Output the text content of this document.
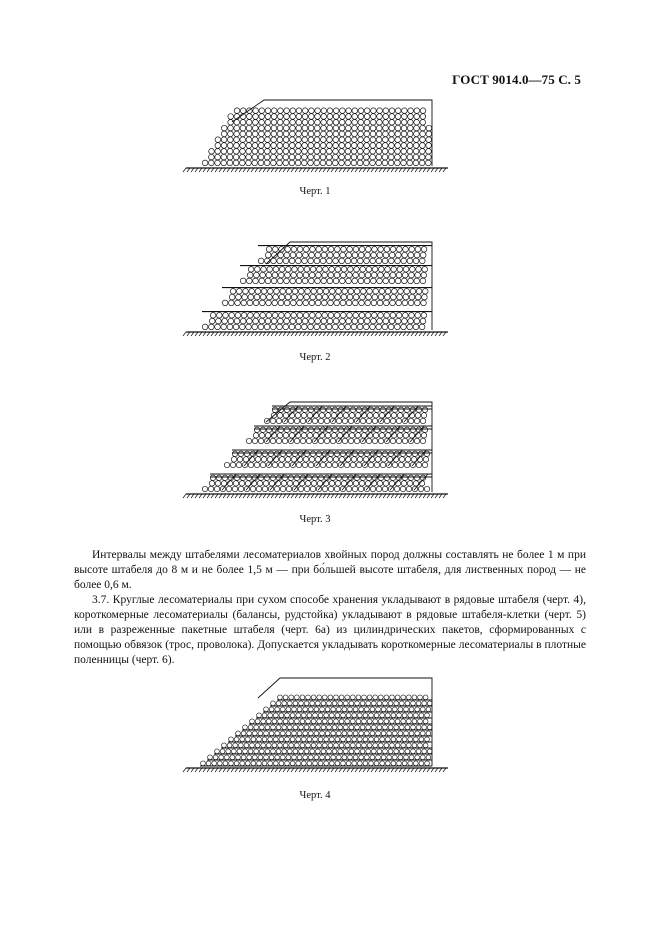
ГОСТ 9014.0—75 С. 5
Черт. 1
Черт. 2
Черт. 3

Интервалы между штабелями лесоматериалов хвойных пород должны составлять не более 1 м при высоте штабеля до 8 м и не более 1,5 м — при бо́льшей высоте штабеля, для лиственных пород — не более 0,6 м.

3.7. Круглые лесоматериалы при сухом способе хранения укладывают в рядовые штабеля (черт. 4), короткомерные лесоматериалы (балансы, рудстойка) укладывают в рядовые штабеля-клетки (черт. 5) или в разреженные пакетные штабеля (черт. 6а) из цилиндрических пакетов, сформированных с помощью обвязок (трос, проволока). Допускается укладывать короткомерные лесоматериалы в плотные поленницы (черт. 6).

Черт. 4
